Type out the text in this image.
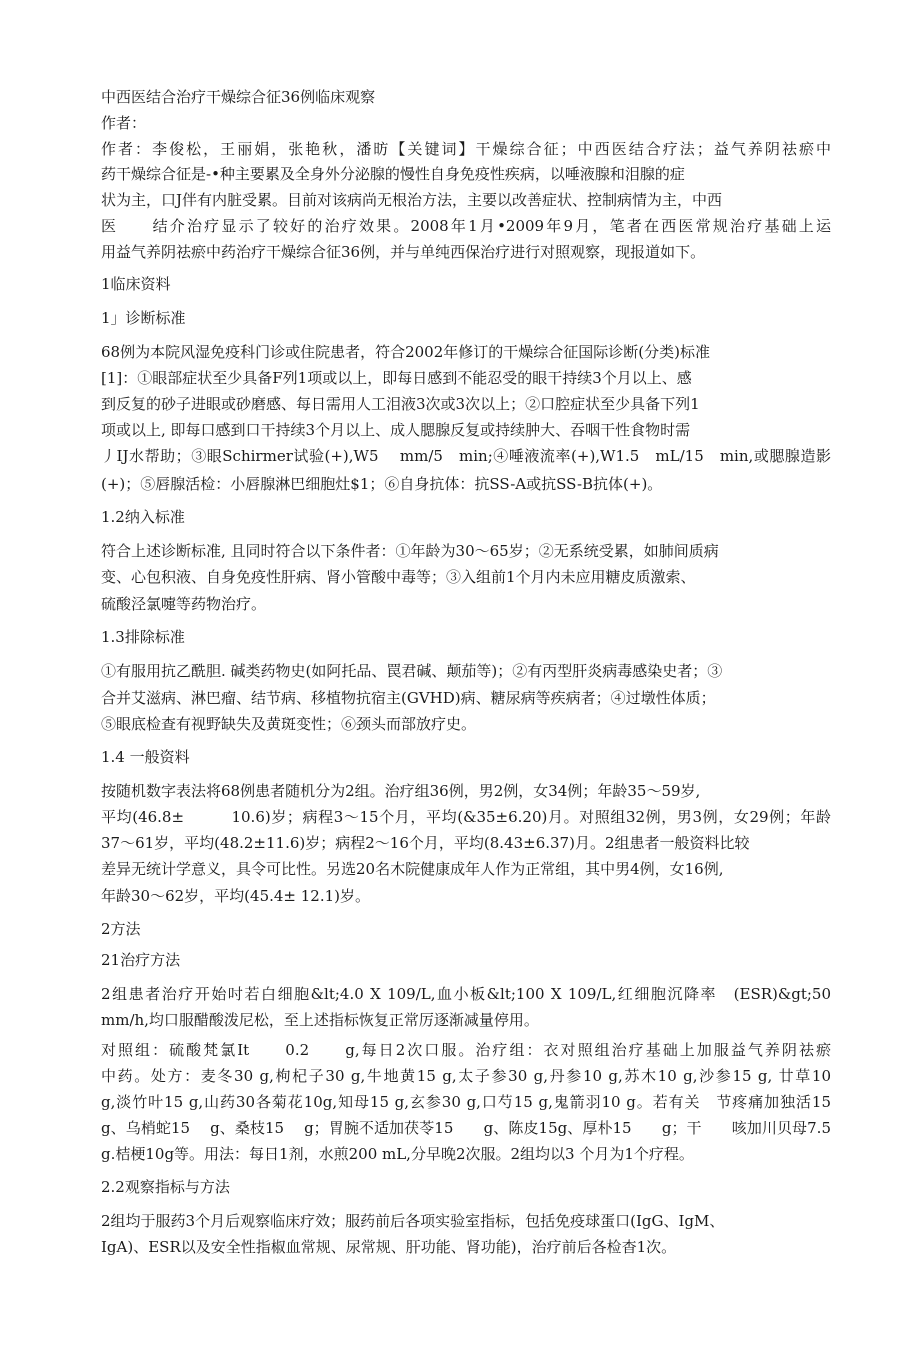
中西医结合治疗干燥综合征36例临床观察
作者：
作者：李俊松，王丽娟，张艳秋，潘昉【关键词】干燥综合征；中西医结合疗法；益气养阴祛瘀中
药干燥综合征是-•种主要累及全身外分泌腺的慢性自身免疫性疾病，以唾液腺和泪腺的症
状为主，口J伴有内脏受累。目前对该病尚无根治方法，主要以改善症状、控制病情为主，中西
医　　结介治疗显示了较好的治疗效果。2008年1月•2009年9月，笔者在西医常规治疗基础上运
用益气养阴祛瘀中药治疗干燥综合征36例，并与单纯西保治疗进行对照观察，现报道如下。
1临床资料
1」诊断标准
68例为本院风湿免疫科门诊或住院患者，符合2002年修订的干燥综合征国际诊断(分类)标准
[1]：①眼部症状至少具备F列1项或以上，即每日感到不能忍受的眼干持续3个月以上、感
到反复的砂子进眼或砂磨感、每日需用人工泪液3次或3次以上；②口腔症状至少具备下列1
项或以上, 即每口感到口干持续3个月以上、成人腮腺反复或持续肿大、吞咽干性食物时需
丿IJ水帮助；③眼Schirmer试验(+),W5　 mm/5　min;④唾液流率(+),W1.5　mL/15　min,或腮腺造影
(+)；⑤唇腺活检：小唇腺淋巴细胞灶$1；⑥自身抗体：抗SS-A或抗SS-B抗体(+)。
1.2纳入标准
符合上述诊断标准, 且同时符合以下条件者：①年龄为30〜65岁；②无系统受累，如肺间质病
变、心包积液、自身免疫性肝病、肾小管酸中毒等；③入组前1个月内未应用糖皮质激索、
硫酸泾氯嚏等药物治疗。
1.3排除标准
①有服用抗乙酰胆. 碱类药物史(如阿托品、罠君碱、颠茄等)；②有丙型肝炎病毒感染史者；③
合并艾滋病、淋巴瘤、结节病、移植物抗宿主(GVHD)病、糖尿病等疾病者；④过墩性体质；
⑤眼底检查有视野缺失及黄斑变性；⑥颈头而部放疗史。
1.4 一般资料
按随机数字表法将68例患者随机分为2组。治疗组36例，男2例，女34例；年龄35〜59岁,
平均(46.8±　　　10.6)岁；病程3〜15个月，平均(&35±6.20)月。对照组32例，男3例，女29例；年龄
37〜61岁，平均(48.2±11.6)岁；病程2〜16个月，平均(8.43±6.37)月。2组患者一般资料比较
差异无统计学意义，具令可比性。另选20名木院健康成年人作为正常组，其中男4例，女16例,
年龄30〜62岁，平均(45.4± 12.1)岁。
2方法
21治疗方法
2组患者治疗开始吋若白细胞&lt;4.0 X 109/L,血小板&lt;100 X 109/L,红细胞沉降率　(ESR)&gt;50
mm/h,均口服醋酸泼尼松，至上述指标恢复正常厉逐渐减量停用。
对照组：硫酸梵氯It　　0.2　　g,每日2次口服。治疗组：衣对照组治疗基础上加服益气养阴祛瘀
中药。处方：麦冬30 g,枸杞子30 g,牛地黄15 g,太子参30 g,丹参10 g,苏木10 g,沙参15 g, 廿草10
g,淡竹叶15 g,山药30各菊花10g,知母15 g,玄参30 g,口芍15 g,鬼箭羽10 g。若有关　节疼痛加独活15
g、乌梢蛇15　 g、桑枝15　 g；胃腕不适加茯苓15　　g、陈皮15g、厚朴15　　g；干　　咳加川贝母7.5
g.桔梗10g等。用法：每日1剂，水煎200 mL,分早晚2次服。2组均以3 个月为1个疗程。
2.2观察指标与方法
2组均于服药3个月后观察临床疗效；服药前后各项实验室指标，包括免疫球蛋口(IgG、IgM、
IgA)、ESR以及安全性指椒血常规、尿常规、肝功能、肾功能)，治疗前后各检杳1次。
